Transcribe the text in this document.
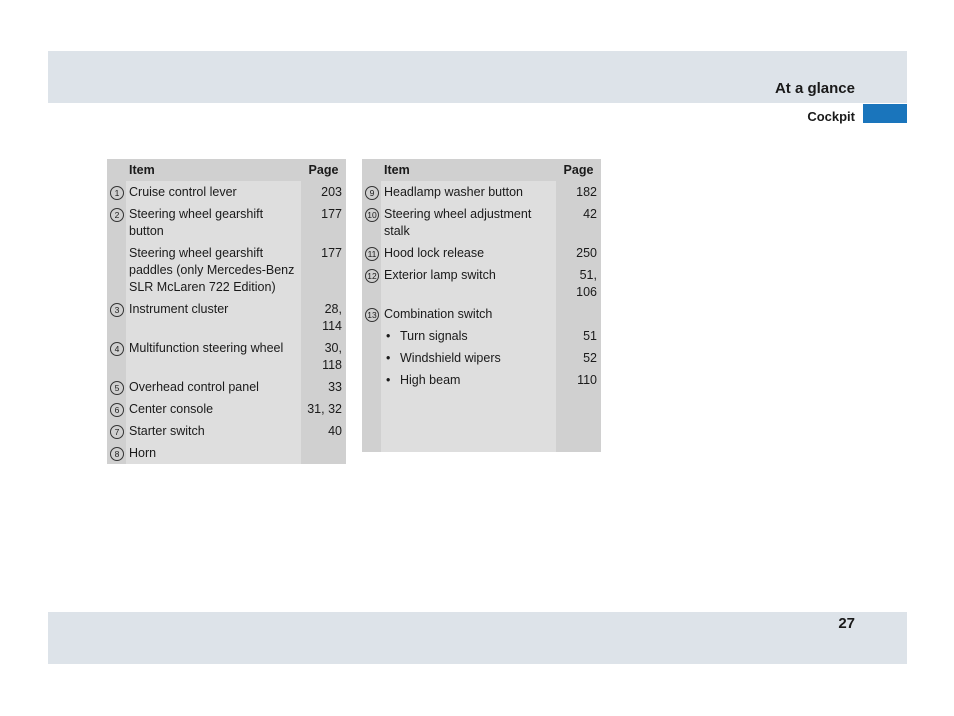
At a glance
Cockpit
	Item	Page
1	Cruise control lever	203
2	Steering wheel gearshift button	177
	Steering wheel gearshift paddles (only Mercedes-Benz SLR McLaren 722 Edition)	177
3	Instrument cluster	28, 114
4	Multifunction steering wheel	30, 118
5	Overhead control panel	33
6	Center console	31, 32
7	Starter switch	40
8	Horn	
	Item	Page
9	Headlamp washer button	182
10	Steering wheel adjustment stalk	42
11	Hood lock release	250
12	Exterior lamp switch	51, 106
13	Combination switch	
	• Turn signals	51
	• Windshield wipers	52
	• High beam	110

27
